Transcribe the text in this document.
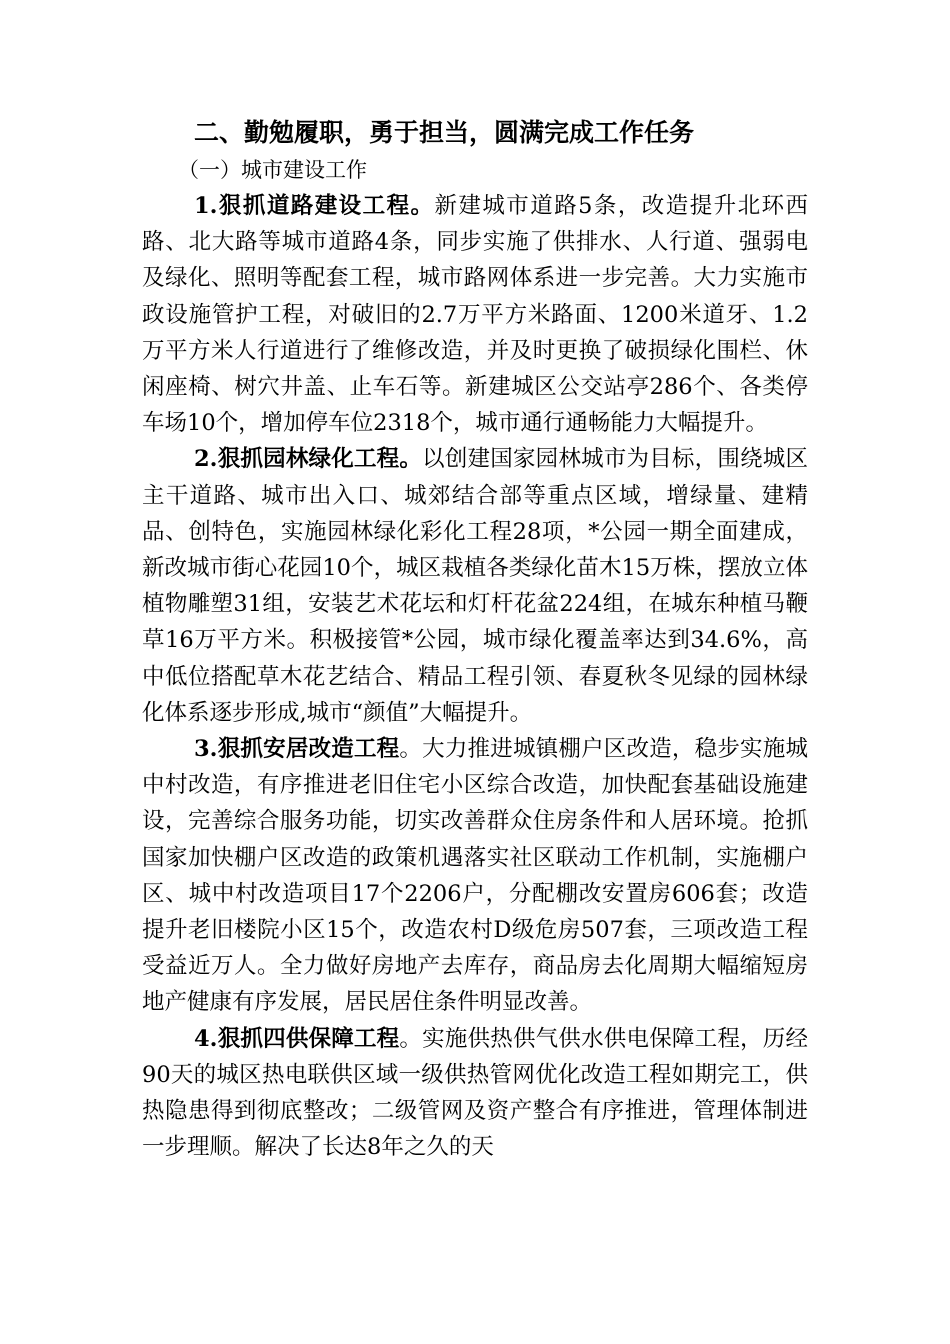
二、勤勉履职，勇于担当，圆满完成工作任务
（一）城市建设工作

1.狠抓道路建设工程。新建城市道路5条，改造提升北环西路、北大路等城市道路4条，同步实施了供排水、人行道、强弱电及绿化、照明等配套工程，城市路网体系进一步完善。大力实施市政设施管护工程，对破旧的2.7万平方米路面、1200米道牙、1.2万平方米人行道进行了维修改造，并及时更换了破损绿化围栏、休闲座椅、树穴井盖、止车石等。新建城区公交站亭286个、各类停车场10个，增加停车位2318个，城市通行通畅能力大幅提升。

2.狠抓园林绿化工程。以创建国家园林城市为目标，围绕城区主干道路、城市出入口、城郊结合部等重点区域，增绿量、建精品、创特色，实施园林绿化彩化工程28项，*公园一期全面建成，新改城市街心花园10个，城区栽植各类绿化苗木15万株，摆放立体植物雕塑31组，安装艺术花坛和灯杆花盆224组，在城东种植马鞭草16万平方米。积极接管*公园，城市绿化覆盖率达到34.6%，高中低位搭配草木花艺结合、精品工程引领、春夏秋冬见绿的园林绿化体系逐步形成,城市“颜值”大幅提升。

3.狠抓安居改造工程。大力推进城镇棚户区改造，稳步实施城中村改造，有序推进老旧住宅小区综合改造，加快配套基础设施建设，完善综合服务功能，切实改善群众住房条件和人居环境。抢抓国家加快棚户区改造的政策机遇落实社区联动工作机制，实施棚户区、城中村改造项目17个2206户，分配棚改安置房606套；改造提升老旧楼院小区15个，改造农村D级危房507套，三项改造工程受益近万人。全力做好房地产去库存，商品房去化周期大幅缩短房地产健康有序发展，居民居住条件明显改善。

4.狠抓四供保障工程。实施供热供气供水供电保障工程，历经90天的城区热电联供区域一级供热管网优化改造工程如期完工，供热隐患得到彻底整改；二级管网及资产整合有序推进，管理体制进一步理顺。解决了长达8年之久的天
